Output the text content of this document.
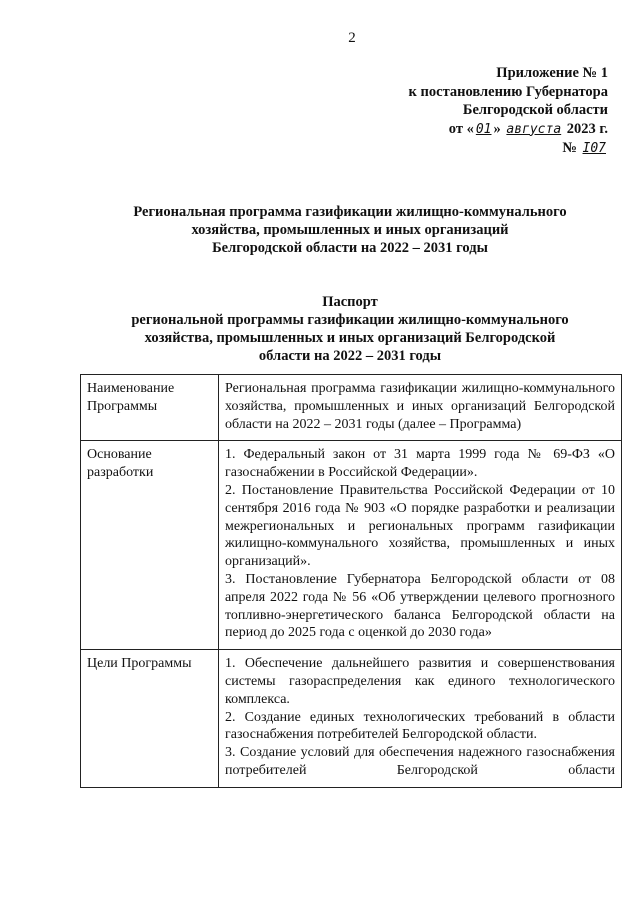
2
Приложение № 1
к постановлению Губернатора
Белгородской области
от « 01 » августа 2023 г.
№ I07
Региональная программа газификации жилищно-коммунального
хозяйства, промышленных и иных организаций
Белгородской области на 2022 – 2031 годы
Паспорт
региональной программы газификации жилищно-коммунального
хозяйства, промышленных и иных организаций Белгородской
области на 2022 – 2031 годы
Наименование Программы	Региональная программа газификации жилищно-коммунального хозяйства, промышленных и иных организаций Белгородской области на 2022 – 2031 годы (далее – Программа)

Основание разработки	1. Федеральный закон от 31 марта 1999 года № 69-ФЗ «О газоснабжении в Российской Федерации».
2. Постановление Правительства Российской Федерации от 10 сентября 2016 года № 903 «О порядке разработки и реализации межрегиональных и региональных программ газификации жилищно-коммунального хозяйства, промышленных и иных организаций».
3. Постановление Губернатора Белгородской области от 08 апреля 2022 года № 56 «Об утверждении целевого прогнозного топливно-энергетического баланса Белгородской области на период до 2025 года с оценкой до 2030 года»

Цели Программы	1. Обеспечение дальнейшего развития и совершенствования системы газораспределения как единого технологического комплекса.
2. Создание единых технологических требований в области газоснабжения потребителей Белгородской области.
3. Создание условий для обеспечения надежного газоснабжения потребителей Белгородской области
